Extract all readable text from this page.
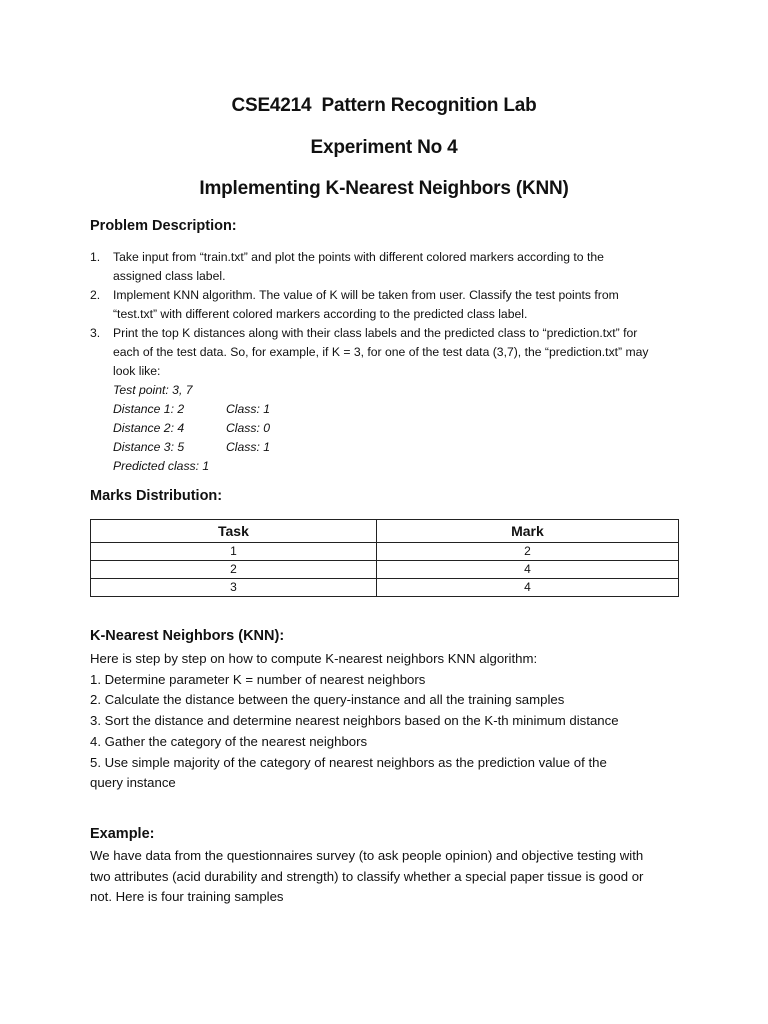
CSE4214  Pattern Recognition Lab
Experiment No 4
Implementing K-Nearest Neighbors (KNN)
Problem Description:
1 . Take input from “train.txt” and plot the points with different colored markers according to the
assigned class label.
2 . Implement KNN algorithm. The value of K will be taken from user. Classify the test points from
“test.txt” with different colored markers according to the predicted class label.
3 . Print the top K distances along with their class labels and the predicted class to “prediction.txt” for
each of the test data. So, for example, if K = 3, for one of the test data (3,7), the “prediction.txt” may
look like:
Test point: 3, 7
Distance 1: 2	Class: 1
Distance 2: 4	Class: 0
Distance 3: 5	Class: 1
Predicted class: 1
Marks Distribution:
Task	Mark
1	2
2	4
3	4
K-Nearest Neighbors (KNN):
Here is step by step on how to compute K-nearest neighbors KNN algorithm:
1. Determine parameter K = number of nearest neighbors
2. Calculate the distance between the query-instance and all the training samples
3. Sort the distance and determine nearest neighbors based on the K-th minimum distance
4. Gather the category of the nearest neighbors
5. Use simple majority of the category of nearest neighbors as the prediction value of the
query instance
Example:
We have data from the questionnaires survey (to ask people opinion) and objective testing with
two attributes (acid durability and strength) to classify whether a special paper tissue is good or
not. Here is four training samples
